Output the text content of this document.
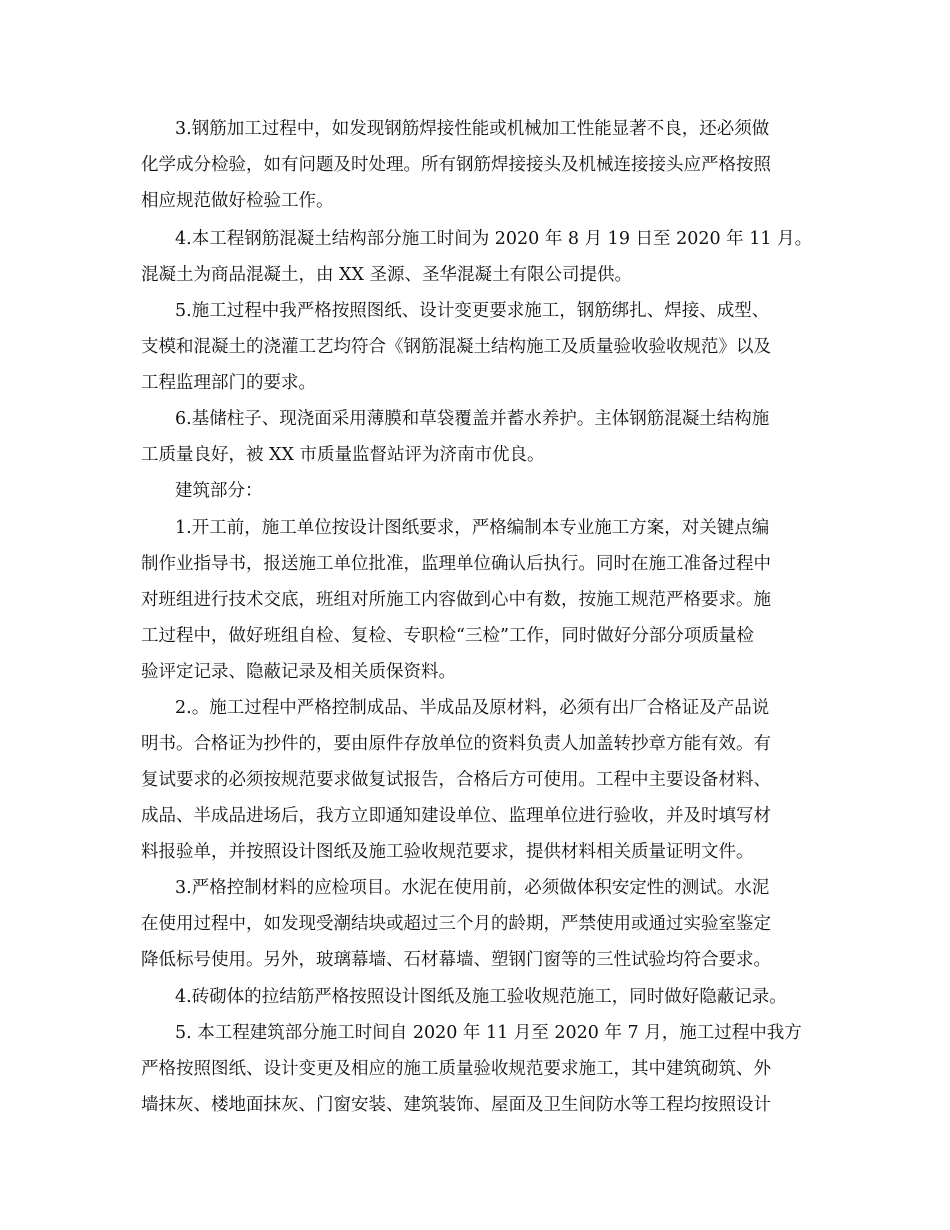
3.钢筋加工过程中，如发现钢筋焊接性能或机械加工性能显著不良，还必须做
化学成分检验，如有问题及时处理。所有钢筋焊接接头及机械连接接头应严格按照
相应规范做好检验工作。
4.本工程钢筋混凝土结构部分施工时间为 2020 年 8 月 19 日至 2020 年 11 月。
混凝土为商品混凝土，由 XX 圣源、圣华混凝土有限公司提供。
5.施工过程中我严格按照图纸、设计变更要求施工，钢筋绑扎、焊接、成型、
支模和混凝土的浇灌工艺均符合《钢筋混凝土结构施工及质量验收验收规范》以及
工程监理部门的要求。
6.基储柱子、现浇面采用薄膜和草袋覆盖并蓄水养护。主体钢筋混凝土结构施
工质量良好，被 XX 市质量监督站评为济南市优良。
建筑部分：
1.开工前，施工单位按设计图纸要求，严格编制本专业施工方案，对关键点编
制作业指导书，报送施工单位批准，监理单位确认后执行。同时在施工准备过程中
对班组进行技术交底，班组对所施工内容做到心中有数，按施工规范严格要求。施
工过程中，做好班组自检、复检、专职检“三检”工作，同时做好分部分项质量检
验评定记录、隐蔽记录及相关质保资料。
2.。施工过程中严格控制成品、半成品及原材料，必须有出厂合格证及产品说
明书。合格证为抄件的，要由原件存放单位的资料负责人加盖转抄章方能有效。有
复试要求的必须按规范要求做复试报告，合格后方可使用。工程中主要设备材料、
成品、半成品进场后，我方立即通知建设单位、监理单位进行验收，并及时填写材
料报验单，并按照设计图纸及施工验收规范要求，提供材料相关质量证明文件。
3.严格控制材料的应检项目。水泥在使用前，必须做体积安定性的测试。水泥
在使用过程中，如发现受潮结块或超过三个月的龄期，严禁使用或通过实验室鉴定
降低标号使用。另外，玻璃幕墙、石材幕墙、塑钢门窗等的三性试验均符合要求。
4.砖砌体的拉结筋严格按照设计图纸及施工验收规范施工，同时做好隐蔽记录。
5. 本工程建筑部分施工时间自 2020 年 11 月至 2020 年 7 月，施工过程中我方
严格按照图纸、设计变更及相应的施工质量验收规范要求施工，其中建筑砌筑、外
墙抹灰、楼地面抹灰、门窗安装、建筑装饰、屋面及卫生间防水等工程均按照设计
